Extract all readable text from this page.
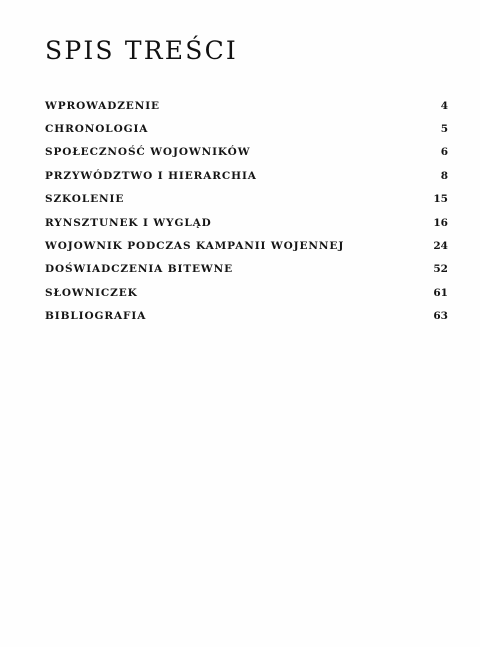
SPIS TREŚCI
WPROWADZENIE	4
CHRONOLOGIA	5
SPOŁECZNOŚĆ WOJOWNIKÓW	6
PRZYWÓDZTWO I HIERARCHIA	8
SZKOLENIE	15
RYNSZTUNEK I WYGLĄD	16
WOJOWNIK PODCZAS KAMPANII WOJENNEJ	24
DOŚWIADCZENIA BITEWNE	52
SŁOWNICZEK	61
BIBLIOGRAFIA	63
